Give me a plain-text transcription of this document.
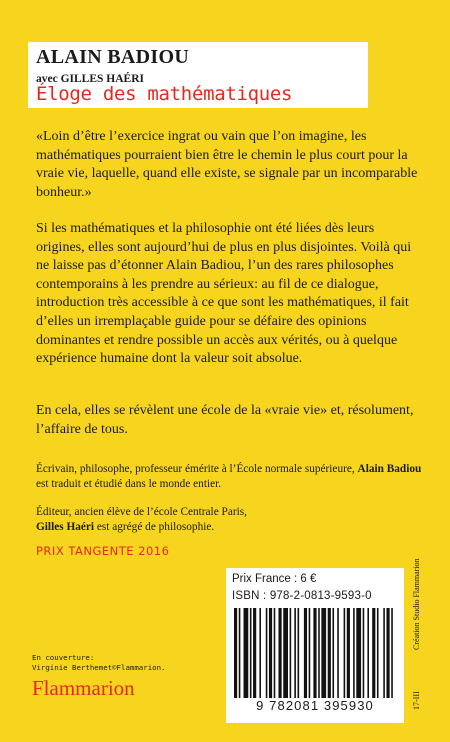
ALAIN BADIOU
avec GILLES HAÉRI
Éloge des mathématiques

«Loin d’être l’exercice ingrat ou vain que l’on imagine, les mathématiques pourraient bien être le chemin le plus court pour la vraie vie, laquelle, quand elle existe, se signale par un incomparable bonheur.»

Si les mathématiques et la philosophie ont été liées dès leurs origines, elles sont aujourd’hui de plus en plus disjointes. Voilà qui ne laisse pas d’étonner Alain Badiou, l’un des rares philosophes contemporains à les prendre au sérieux: au fil de ce dialogue, introduction très accessible à ce que sont les mathématiques, il fait d’elles un irremplaçable guide pour se défaire des opinions dominantes et rendre possible un accès aux vérités, ou à quelque expérience humaine dont la valeur soit absolue.

En cela, elles se révèlent une école de la «vraie vie» et, résolument, l’affaire de tous.

Écrivain, philosophe, professeur émérite à l’École normale supérieure, Alain Badiou est traduit et étudié dans le monde entier.

Éditeur, ancien élève de l’école Centrale Paris,
Gilles Haéri est agrégé de philosophie.

PRIX TANGENTE 2016
En couverture:
Virginie Berthemet©Flammarion.
Flammarion
Prix France : 6 €
ISBN : 978-2-0813-9593-0
9 782081 395930
Création Studio Flammarion
17-III
